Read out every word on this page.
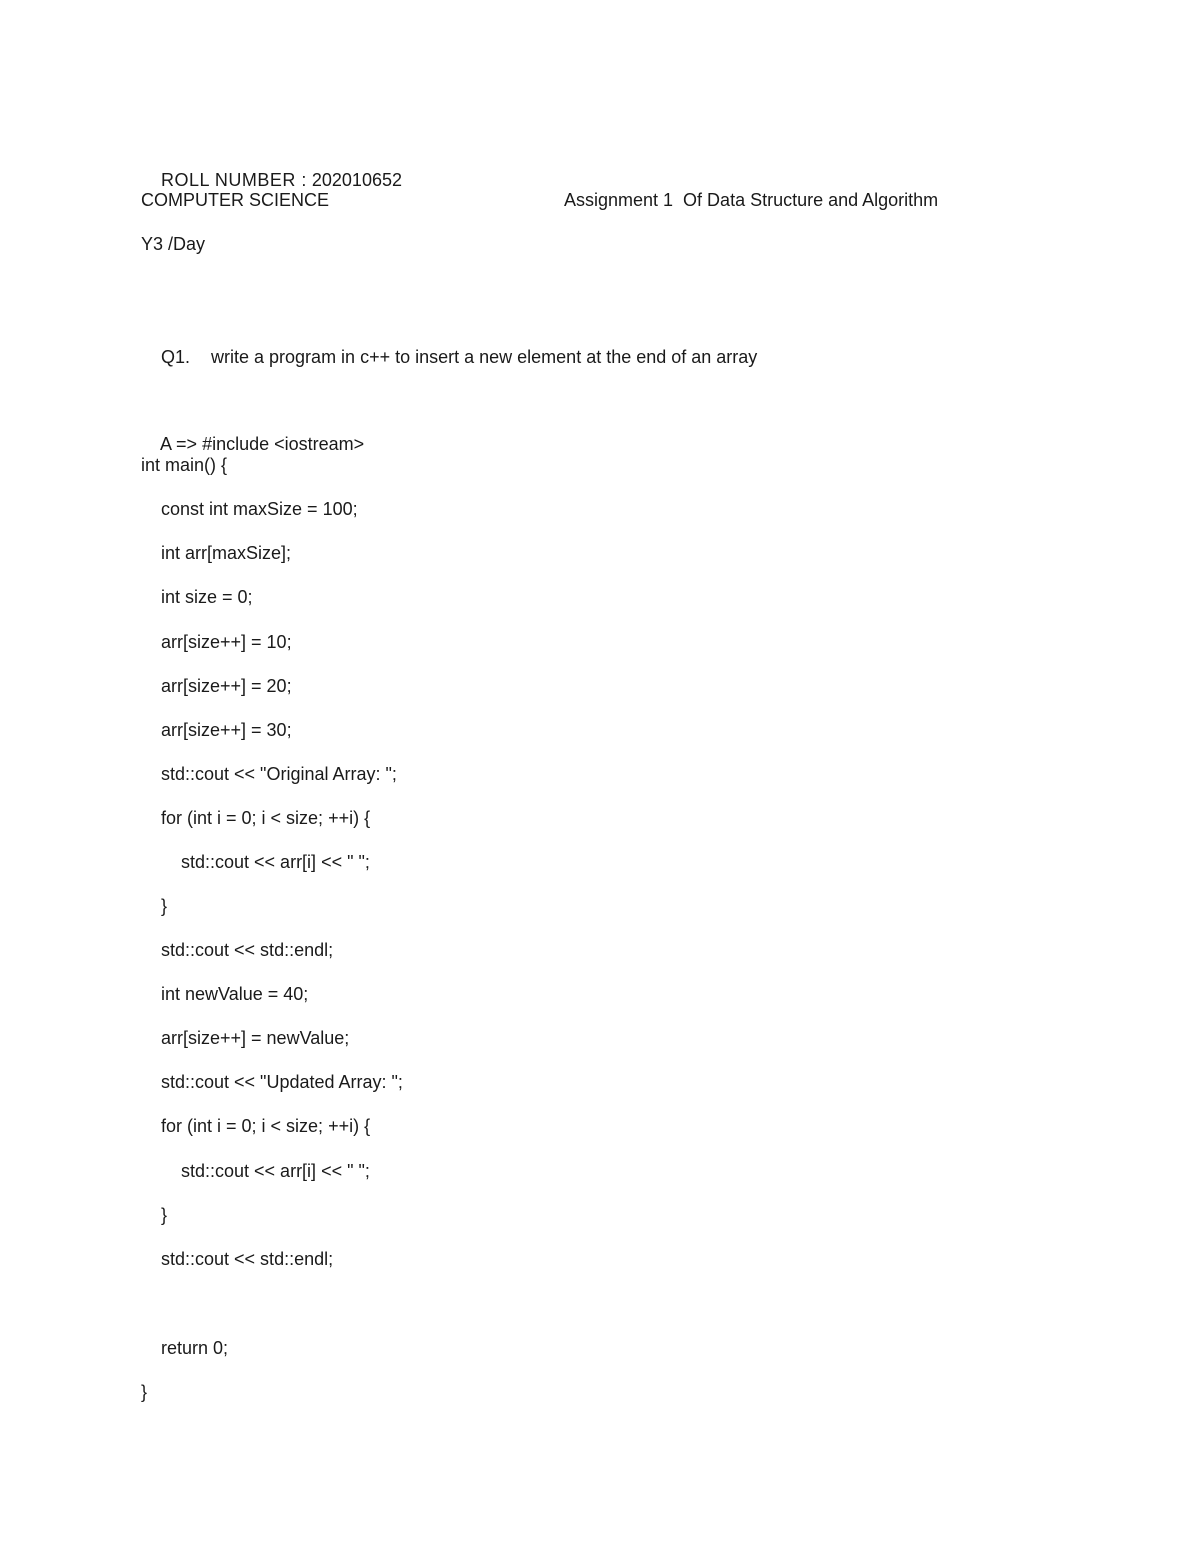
ROLL NUMBER : 202010652

COMPUTER SCIENCE	Assignment 1  Of Data Structure and Algorithm
Y3 /Day

Q1. write a program in c++ to insert a new element at the end of an array

A => #include <iostream>

int main() {
const int maxSize = 100;
int arr[maxSize];
int size = 0;
arr[size++] = 10;
arr[size++] = 20;
arr[size++] = 30;
std::cout << "Original Array: ";
for (int i = 0; i < size; ++i) {
std::cout << arr[i] << " ";
}
std::cout << std::endl;
int newValue = 40;
arr[size++] = newValue;
std::cout << "Updated Array: ";
for (int i = 0; i < size; ++i) {
std::cout << arr[i] << " ";
}
std::cout << std::endl;
return 0;
}
